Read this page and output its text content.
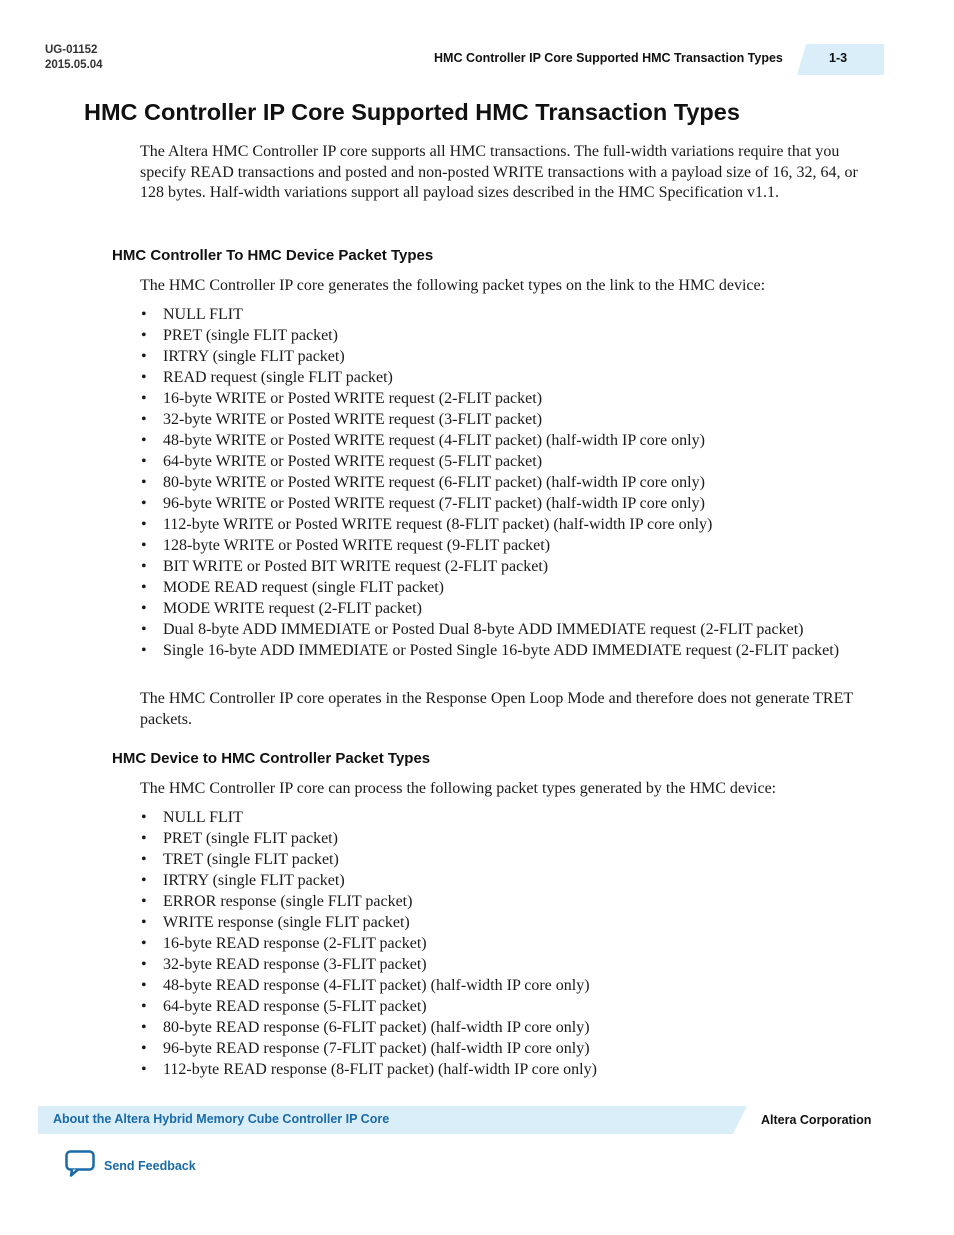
UG-01152
2015.05.04	HMC Controller IP Core Supported HMC Transaction Types	1-3
HMC Controller IP Core Supported HMC Transaction Types

The Altera HMC Controller IP core supports all HMC transactions. The full-width variations require that you specify READ transactions and posted and non-posted WRITE transactions with a payload size of 16, 32, 64, or 128 bytes. Half-width variations support all payload sizes described in the HMC Specification v1.1.

HMC Controller To HMC Device Packet Types

The HMC Controller IP core generates the following packet types on the link to the HMC device:

• NULL FLIT
• PRET (single FLIT packet)
• IRTRY (single FLIT packet)
• READ request (single FLIT packet)
• 16-byte WRITE or Posted WRITE request (2-FLIT packet)
• 32-byte WRITE or Posted WRITE request (3-FLIT packet)
• 48-byte WRITE or Posted WRITE request (4-FLIT packet) (half-width IP core only)
• 64-byte WRITE or Posted WRITE request (5-FLIT packet)
• 80-byte WRITE or Posted WRITE request (6-FLIT packet) (half-width IP core only)
• 96-byte WRITE or Posted WRITE request (7-FLIT packet) (half-width IP core only)
• 112-byte WRITE or Posted WRITE request (8-FLIT packet) (half-width IP core only)
• 128-byte WRITE or Posted WRITE request (9-FLIT packet)
• BIT WRITE or Posted BIT WRITE request (2-FLIT packet)
• MODE READ request (single FLIT packet)
• MODE WRITE request (2-FLIT packet)
• Dual 8-byte ADD IMMEDIATE or Posted Dual 8-byte ADD IMMEDIATE request (2-FLIT packet)
• Single 16-byte ADD IMMEDIATE or Posted Single 16-byte ADD IMMEDIATE request (2-FLIT packet)

The HMC Controller IP core operates in the Response Open Loop Mode and therefore does not generate TRET packets.

HMC Device to HMC Controller Packet Types

The HMC Controller IP core can process the following packet types generated by the HMC device:

• NULL FLIT
• PRET (single FLIT packet)
• TRET (single FLIT packet)
• IRTRY (single FLIT packet)
• ERROR response (single FLIT packet)
• WRITE response (single FLIT packet)
• 16-byte READ response (2-FLIT packet)
• 32-byte READ response (3-FLIT packet)
• 48-byte READ response (4-FLIT packet) (half-width IP core only)
• 64-byte READ response (5-FLIT packet)
• 80-byte READ response (6-FLIT packet) (half-width IP core only)
• 96-byte READ response (7-FLIT packet) (half-width IP core only)
• 112-byte READ response (8-FLIT packet) (half-width IP core only)
About the Altera Hybrid Memory Cube Controller IP Core	Altera Corporation
Send Feedback
